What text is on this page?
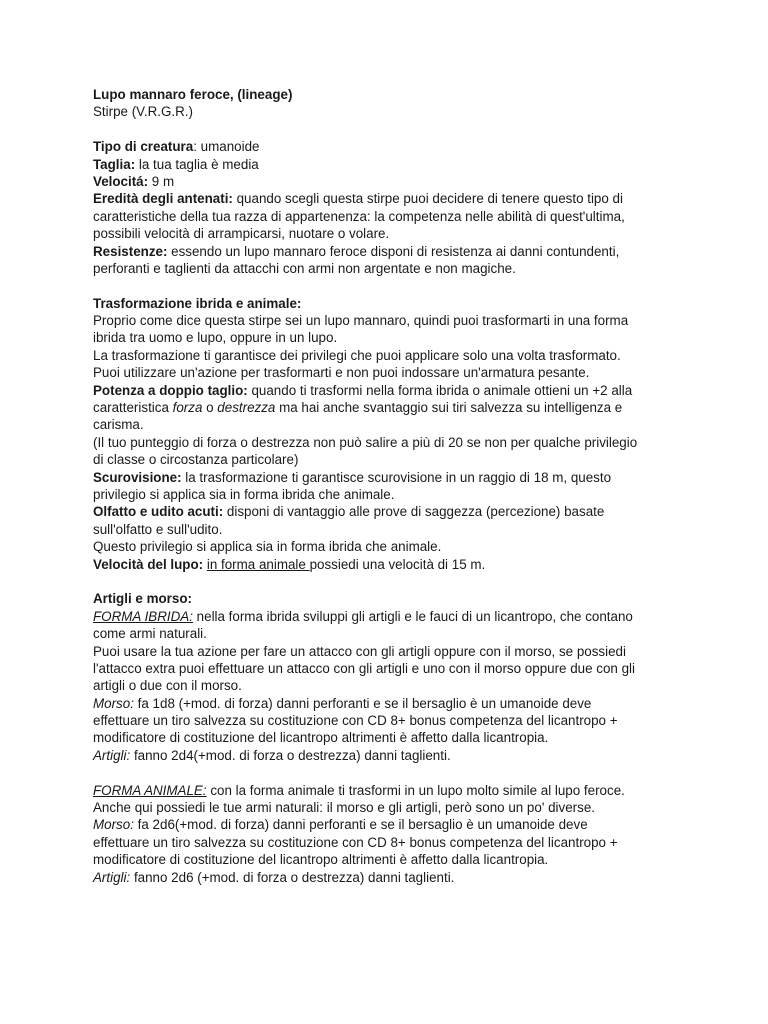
Lupo mannaro feroce, (lineage)
Stirpe (V.R.G.R.)
Tipo di creatura: umanoide
Taglia: la tua taglia è media
Velocitá: 9 m
Eredità degli antenati: quando scegli questa stirpe puoi decidere di tenere questo tipo di
caratteristiche della tua razza di appartenenza: la competenza nelle abilità di quest'ultima,
possibili velocità di arrampicarsi, nuotare o volare.
Resistenze: essendo un lupo mannaro feroce disponi di resistenza ai danni contundenti,
perforanti e taglienti da attacchi con armi non argentate e non magiche.
Trasformazione ibrida e animale:
Proprio come dice questa stirpe sei un lupo mannaro, quindi puoi trasformarti in una forma
ibrida tra uomo e lupo, oppure in un lupo.
La trasformazione ti garantisce dei privilegi che puoi applicare solo una volta trasformato.
Puoi utilizzare un'azione per trasformarti e non puoi indossare un'armatura pesante.
Potenza a doppio taglio: quando ti trasformi nella forma ibrida o animale ottieni un +2 alla
caratteristica forza o destrezza ma hai anche svantaggio sui tiri salvezza su intelligenza e
carisma.
(Il tuo punteggio di forza o destrezza non può salire a più di 20 se non per qualche privilegio
di classe o circostanza particolare)
Scurovisione: la trasformazione ti garantisce scurovisione in un raggio di 18 m, questo
privilegio si applica sia in forma ibrida che animale.
Olfatto e udito acuti: disponi di vantaggio alle prove di saggezza (percezione) basate
sull'olfatto e sull'udito.
Questo privilegio si applica sia in forma ibrida che animale.
Velocità del lupo: in forma animale possiedi una velocità di 15 m.
Artigli e morso:
FORMA IBRIDA: nella forma ibrida sviluppi gli artigli e le fauci di un licantropo, che contano
come armi naturali.
Puoi usare la tua azione per fare un attacco con gli artigli oppure con il morso, se possiedi
l'attacco extra puoi effettuare un attacco con gli artigli e uno con il morso oppure due con gli
artigli o due con il morso.
Morso: fa 1d8 (+mod. di forza) danni perforanti e se il bersaglio è un umanoide deve
effettuare un tiro salvezza su costituzione con CD 8+ bonus competenza del licantropo +
modificatore di costituzione del licantropo altrimenti è affetto dalla licantropia.
Artigli: fanno 2d4(+mod. di forza o destrezza) danni taglienti.
FORMA ANIMALE: con la forma animale ti trasformi in un lupo molto simile al lupo feroce.
Anche qui possiedi le tue armi naturali: il morso e gli artigli, però sono un po' diverse.
Morso: fa 2d6(+mod. di forza) danni perforanti e se il bersaglio è un umanoide deve
effettuare un tiro salvezza su costituzione con CD 8+ bonus competenza del licantropo +
modificatore di costituzione del licantropo altrimenti è affetto dalla licantropia.
Artigli: fanno 2d6 (+mod. di forza o destrezza) danni taglienti.
